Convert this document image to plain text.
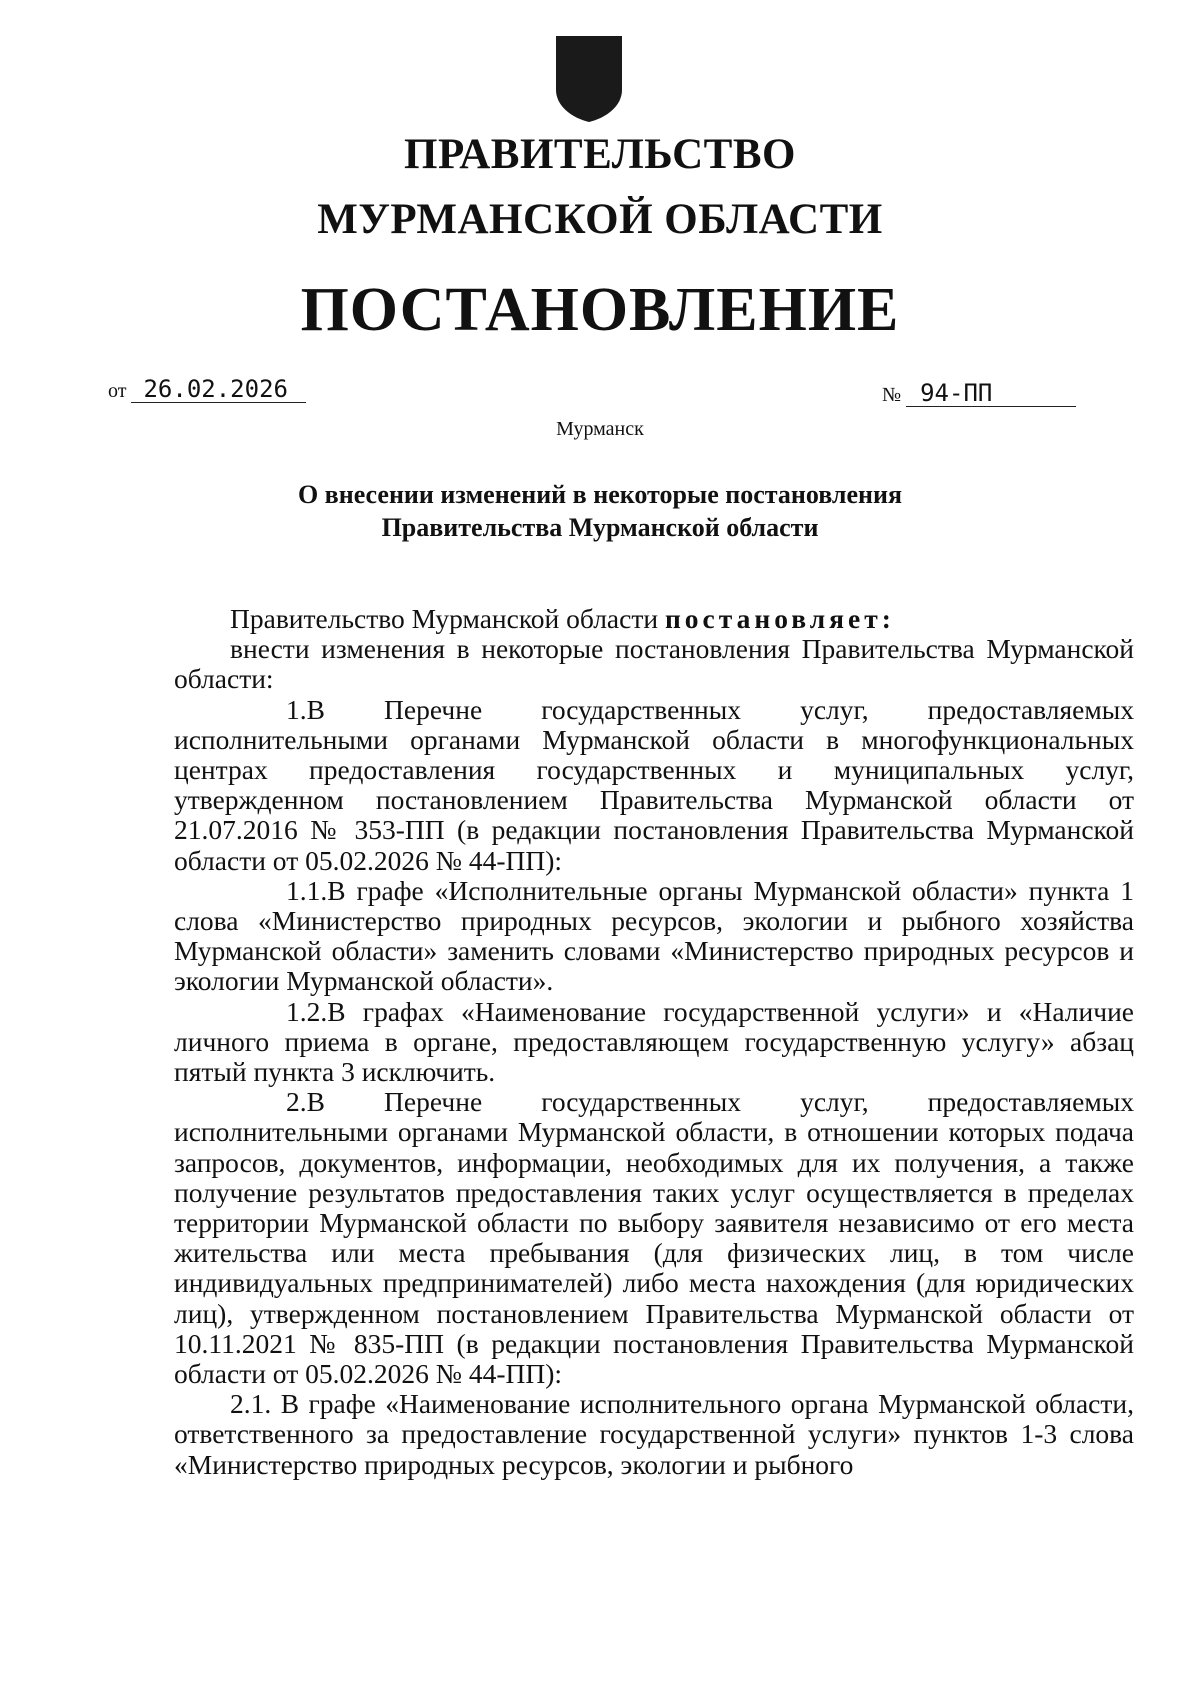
ПРАВИТЕЛЬСТВО
МУРМАНСКОЙ ОБЛАСТИ
ПОСТАНОВЛЕНИЕ
от 26.02.2026	№ 94-ПП
Мурманск
О внесении изменений в некоторые постановления
Правительства Мурманской области

Правительство Мурманской области постановляет:

внести изменения в некоторые постановления Правительства Мурманской области:

1.В Перечне государственных услуг, предоставляемых исполнительными органами Мурманской области в многофункциональных центрах предоставления государственных и муниципальных услуг, утвержденном постановлением Правительства Мурманской области от 21.07.2016 № 353-ПП (в редакции постановления Правительства Мурманской области от 05.02.2026 № 44-ПП):

1.1.В графе «Исполнительные органы Мурманской области» пункта 1 слова «Министерство природных ресурсов, экологии и рыбного хозяйства Мурманской области» заменить словами «Министерство природных ресурсов и экологии Мурманской области».

1.2.В графах «Наименование государственной услуги» и «Наличие личного приема в органе, предоставляющем государственную услугу» абзац пятый пункта 3 исключить.

2.В Перечне государственных услуг, предоставляемых исполнительными органами Мурманской области, в отношении которых подача запросов, документов, информации, необходимых для их получения, а также получение результатов предоставления таких услуг осуществляется в пределах территории Мурманской области по выбору заявителя независимо от его места жительства или места пребывания (для физических лиц, в том числе индивидуальных предпринимателей) либо места нахождения (для юридических лиц), утвержденном постановлением Правительства Мурманской области от 10.11.2021 № 835-ПП (в редакции постановления Правительства Мурманской области от 05.02.2026 № 44-ПП):

2.1. В графе «Наименование исполнительного органа Мурманской области, ответственного за предоставление государственной услуги» пунктов 1-3 слова «Министерство природных ресурсов, экологии и рыбного
